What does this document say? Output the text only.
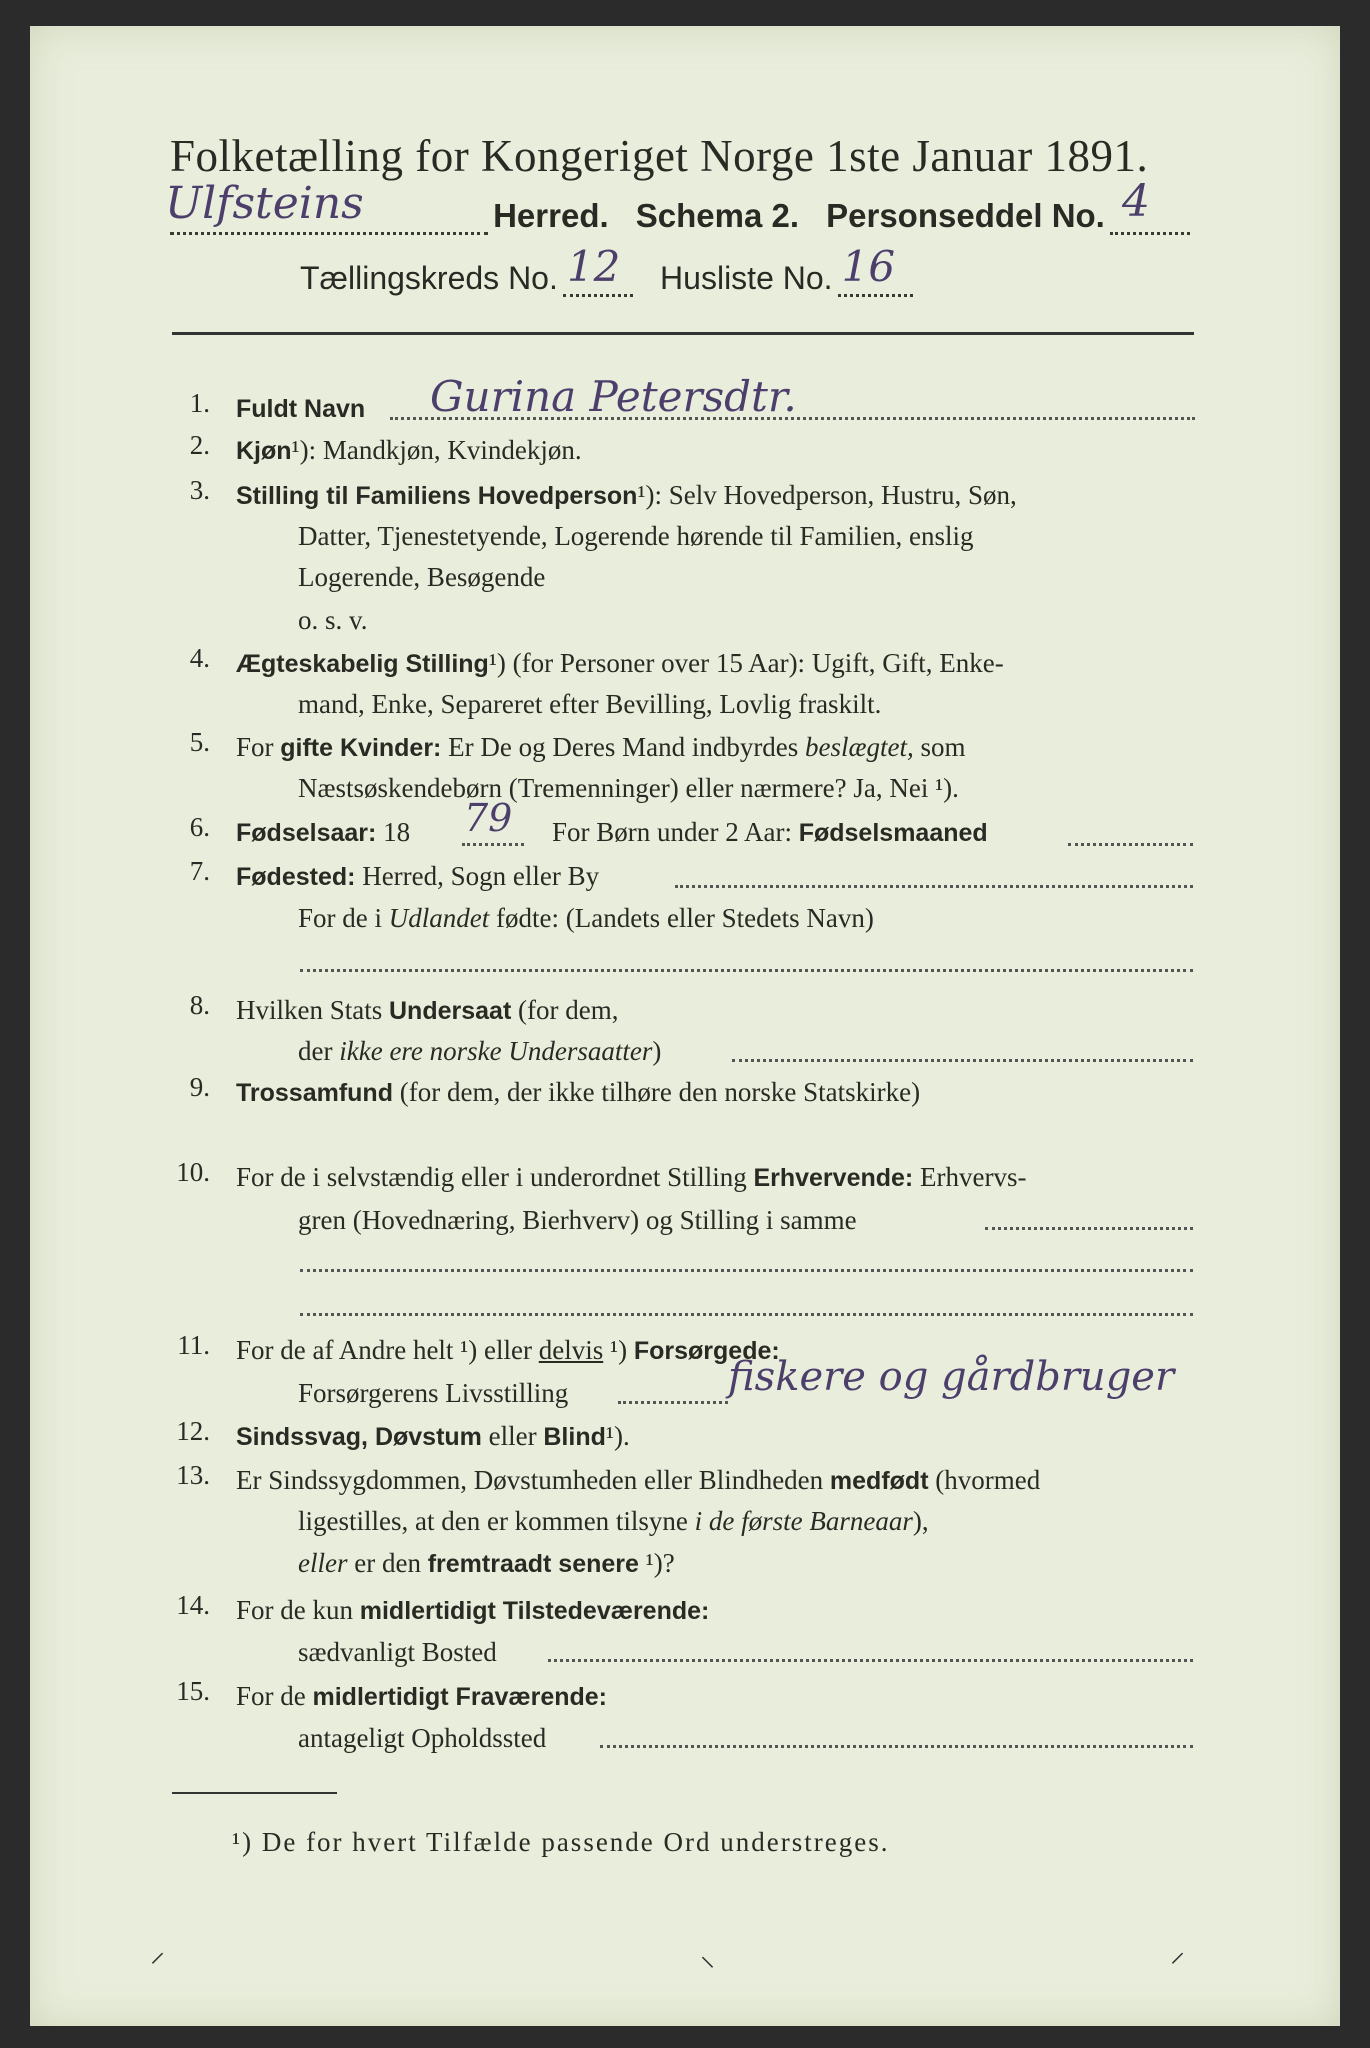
Folketælling for Kongeriget Norge 1ste Januar 1891.
Ulfsteins	Herred. Schema 2. Personseddel No. 4
Tællingskreds No. 12 Husliste No. 16
1. Fuldt Navn Gurina Petersdtr.
2. Kjøn¹): Mandkjøn, Kvindekjøn.
3. Stilling til Familiens Hovedperson¹): Selv Hovedperson, Hustru, Søn,
Datter, Tjenestetyende, Logerende hørende til Familien, enslig
Logerende, Besøgende
o. s. v.
4. Ægteskabelig Stilling¹) (for Personer over 15 Aar): Ugift, Gift, Enke-
mand, Enke, Separeret efter Bevilling, Lovlig fraskilt.
5. For gifte Kvinder: Er De og Deres Mand indbyrdes beslægtet, som
Næstsøskendebørn (Tremenninger) eller nærmere? Ja, Nei ¹).
6. Fødselsaar: 18 79 For Børn under 2 Aar: Fødselsmaaned
7. Fødested: Herred, Sogn eller By
For de i Udlandet fødte: (Landets eller Stedets Navn)
8. Hvilken Stats Undersaat (for dem,
der ikke ere norske Undersaatter)
9. Trossamfund (for dem, der ikke tilhøre den norske Statskirke)
10. For de i selvstændig eller i underordnet Stilling Erhvervende: Erhvervs-
gren (Hovednæring, Bierhverv) og Stilling i samme
11. For de af Andre helt ¹) eller delvis ¹) Forsørgede:
Forsørgerens Livsstilling	fiskere og gårdbruger
12. Sindssvag, Døvstum eller Blind¹).
13. Er Sindssygdommen, Døvstumheden eller Blindheden medfødt (hvormed
ligestilles, at den er kommen tilsyne i de første Barneaar),
eller er den fremtraadt senere ¹)?
14. For de kun midlertidigt Tilstedeværende:
sædvanligt Bosted
15. For de midlertidigt Fraværende:
antageligt Opholdssted
¹) De for hvert Tilfælde passende Ord understreges.
⸍	⸌	⸍
